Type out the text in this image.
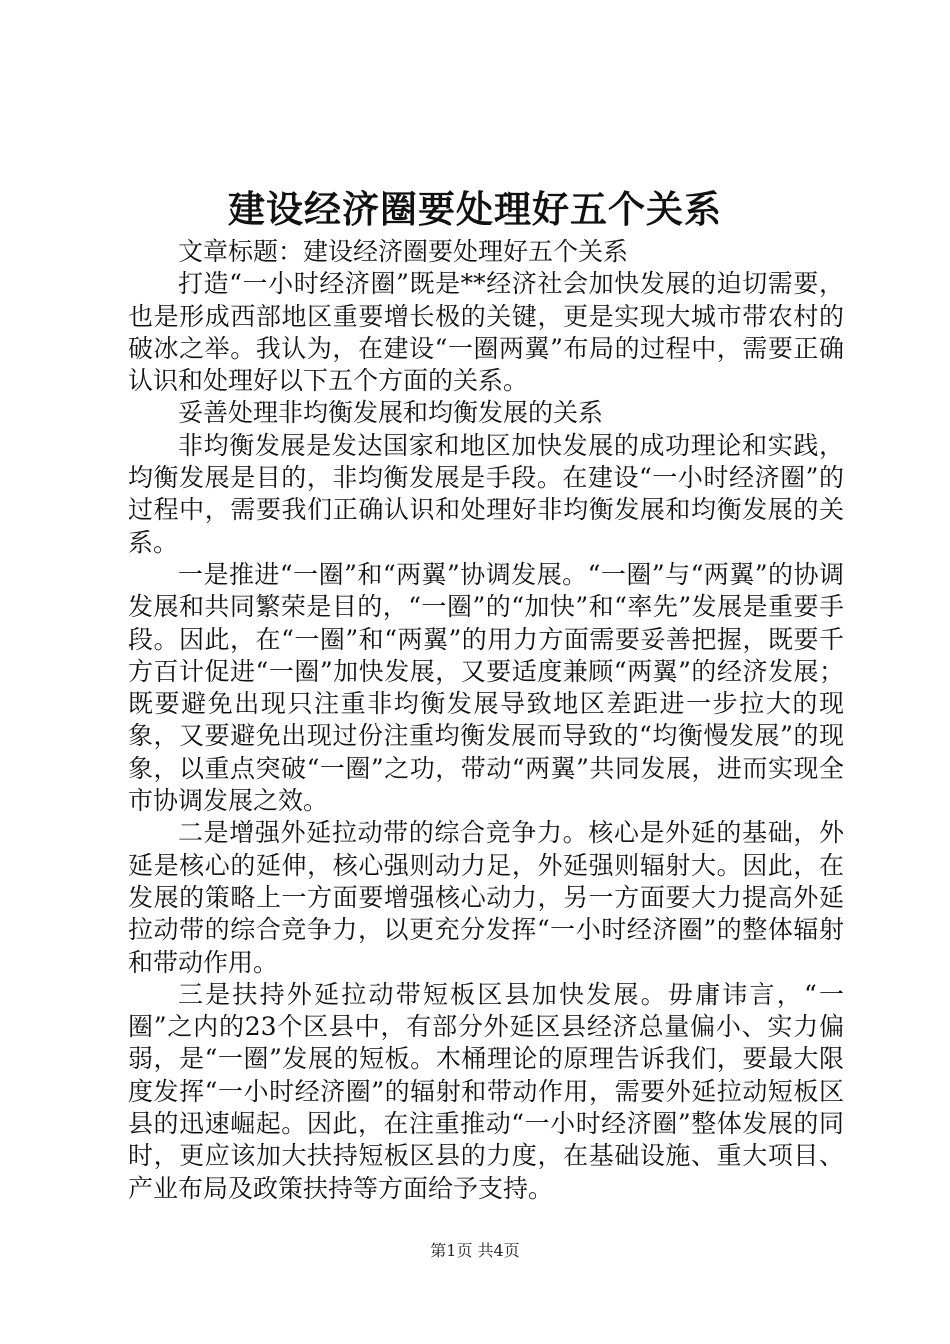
建设经济圈要处理好五个关系

文章标题：建设经济圈要处理好五个关系

打造“一小时经济圈”既是**经济社会加快发展的迫切需要，也是形成西部地区重要增长极的关键，更是实现大城市带农村的破冰之举。我认为，在建设“一圈两翼”布局的过程中，需要正确认识和处理好以下五个方面的关系。

妥善处理非均衡发展和均衡发展的关系

非均衡发展是发达国家和地区加快发展的成功理论和实践，均衡发展是目的，非均衡发展是手段。在建设“一小时经济圈”的过程中，需要我们正确认识和处理好非均衡发展和均衡发展的关系。

一是推进“一圈”和“两翼”协调发展。“一圈”与“两翼”的协调发展和共同繁荣是目的，“一圈”的“加快”和“率先”发展是重要手段。因此，在“一圈”和“两翼”的用力方面需要妥善把握，既要千方百计促进“一圈”加快发展，又要适度兼顾“两翼”的经济发展；既要避免出现只注重非均衡发展导致地区差距进一步拉大的现象，又要避免出现过份注重均衡发展而导致的“均衡慢发展”的现象，以重点突破“一圈”之功，带动“两翼”共同发展，进而实现全市协调发展之效。

二是增强外延拉动带的综合竞争力。核心是外延的基础，外延是核心的延伸，核心强则动力足，外延强则辐射大。因此，在发展的策略上一方面要增强核心动力，另一方面要大力提高外延拉动带的综合竞争力，以更充分发挥“一小时经济圈”的整体辐射和带动作用。

三是扶持外延拉动带短板区县加快发展。毋庸讳言，“一圈”之内的23个区县中，有部分外延区县经济总量偏小、实力偏弱，是“一圈”发展的短板。木桶理论的原理告诉我们，要最大限度发挥“一小时经济圈”的辐射和带动作用，需要外延拉动短板区县的迅速崛起。因此，在注重推动“一小时经济圈”整体发展的同时，更应该加大扶持短板区县的力度，在基础设施、重大项目、产业布局及政策扶持等方面给予支持。

第1页 共4页
